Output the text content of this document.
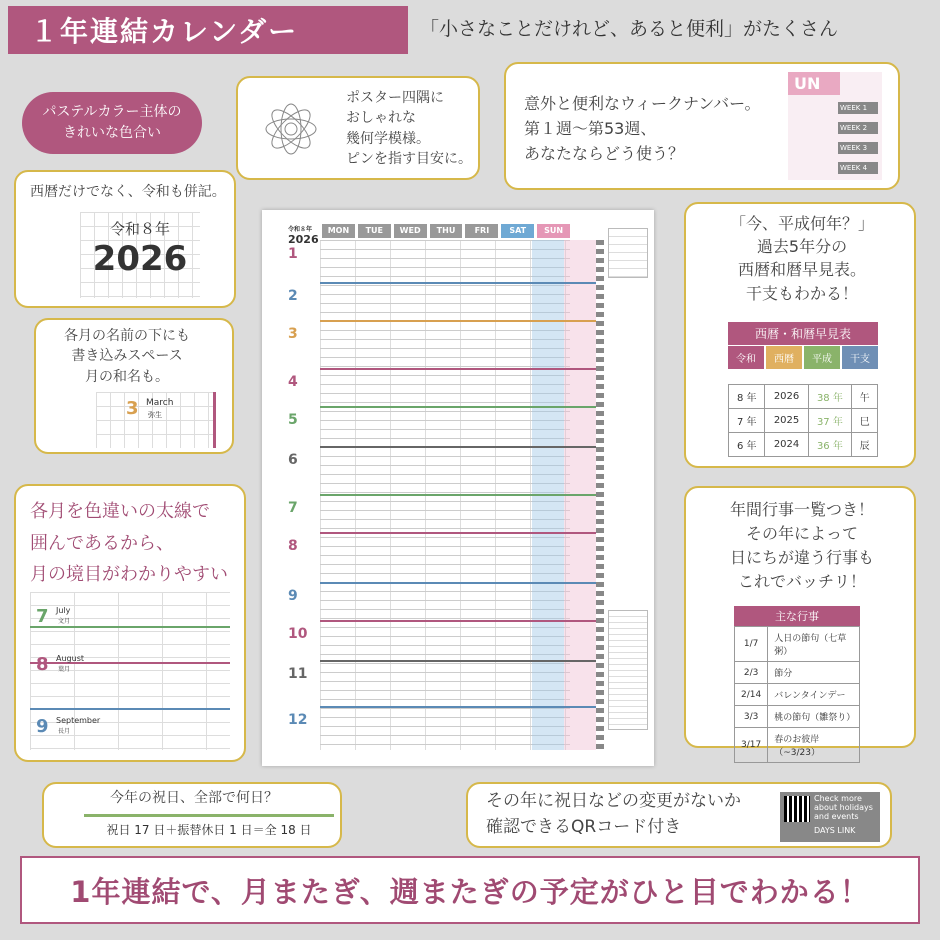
１年連結カレンダー	「小さなことだけれど、あると便利」がたくさん
パステルカラー主体の
きれいな色合い
ポスター四隅に
おしゃれな
幾何学模様。
ピンを指す目安に。
意外と便利なウィークナンバー。
第１週〜第53週、
あなたならどう使う？
UN
WEEK 1
WEEK 2
WEEK 3
WEEK 4
西暦だけでなく、令和も併記。
令和８年
2026
各月の名前の下にも
書き込みスペース
月の和名も。
3 March
弥生
各月を色違いの太線で
囲んであるから、
月の境目がわかりやすい
7 July
文月
8 August
葉月
9 September
長月
令和８年
2026
MON	TUE	WED	THU	FRI	SAT	SUN
1
2
3
4
5
6
7
8
9
10
11
12
「今、平成何年？」
過去5年分の
西暦和暦早見表。
干支もわかる！
西暦・和暦早見表
令和	西暦	平成	干支
8 年	2026	38 年	午
7 年	2025	37 年	巳
6 年	2024	36 年	辰
年間行事一覧つき！
その年によって
日にちが違う行事も
これでバッチリ！
主な行事
1/7	人日の節句（七草粥）
2/3	節分
2/14	バレンタインデー
3/3	桃の節句（雛祭り）
3/17	春のお彼岸（~3/23）
今年の祝日、全部で何日？
祝日 17 日＋振替休日 1 日＝全 18 日
その年に祝日などの変更がないか
確認できるQRコード付き
Check more
about holidays
and events
DAYS LINK
1年連結で、月またぎ、週またぎの予定がひと目でわかる！
